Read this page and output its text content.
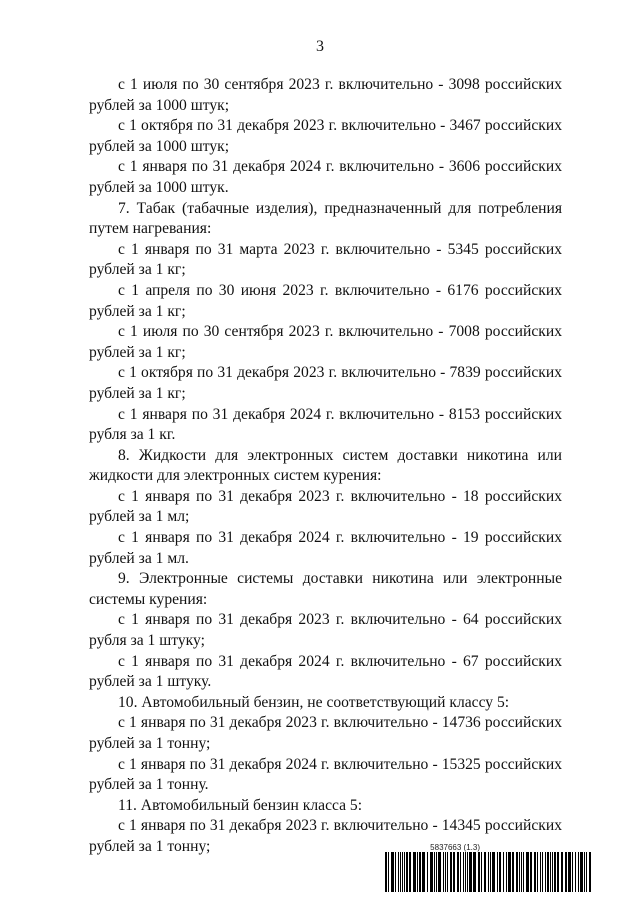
3

с 1 июля по 30 сентября 2023 г. включительно - 3098 российских рублей за 1000 штук;

с 1 октября по 31 декабря 2023 г. включительно - 3467 российских рублей за 1000 штук;

с 1 января по 31 декабря 2024 г. включительно - 3606 российских рублей за 1000 штук.

7. Табак (табачные изделия), предназначенный для потребления путем нагревания:

с 1 января по 31 марта 2023 г. включительно - 5345 российских рублей за 1 кг;

с 1 апреля по 30 июня 2023 г. включительно - 6176 российских рублей за 1 кг;

с 1 июля по 30 сентября 2023 г. включительно - 7008 российских рублей за 1 кг;

с 1 октября по 31 декабря 2023 г. включительно - 7839 российских рублей за 1 кг;

с 1 января по 31 декабря 2024 г. включительно - 8153 российских рубля за 1 кг.

8. Жидкости для электронных систем доставки никотина или жидкости для электронных систем курения:

с 1 января по 31 декабря 2023 г. включительно - 18 российских рублей за 1 мл;

с 1 января по 31 декабря 2024 г. включительно - 19 российских рублей за 1 мл.

9. Электронные системы доставки никотина или электронные системы курения:

с 1 января по 31 декабря 2023 г. включительно - 64 российских рубля за 1 штуку;

с 1 января по 31 декабря 2024 г. включительно - 67 российских рублей за 1 штуку.

10. Автомобильный бензин, не соответствующий классу 5:

с 1 января по 31 декабря 2023 г. включительно - 14736 российских рублей за 1 тонну;

с 1 января по 31 декабря 2024 г. включительно - 15325 российских рублей за 1 тонну.

11. Автомобильный бензин класса 5:

с 1 января по 31 декабря 2023 г. включительно - 14345 российских рублей за 1 тонну;	5837663 (1.3)
